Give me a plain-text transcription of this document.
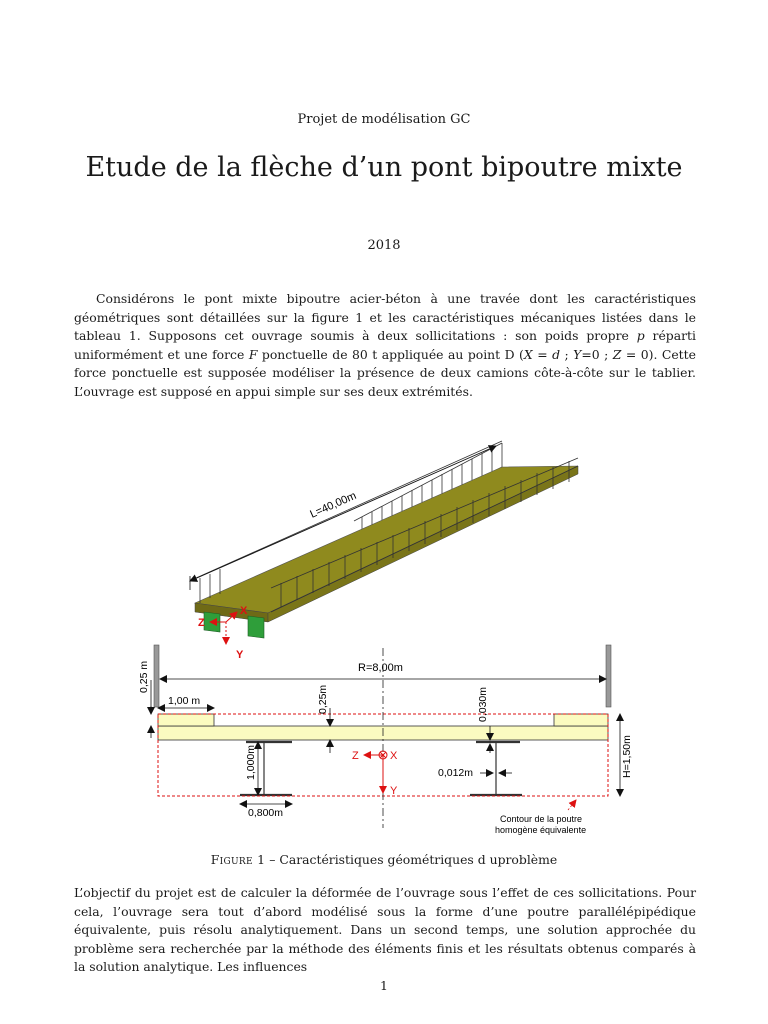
Projet de modélisation GC
Etude de la flèche d’un pont bipoutre mixte
2018

Considérons le pont mixte bipoutre acier-béton à une travée dont les caractéristiques géométriques sont détaillées sur la figure 1 et les caractéristiques mécaniques listées dans le tableau 1. Supposons cet ouvrage soumis à deux sollicitations : son poids propre p réparti uniformément et une force F ponctuelle de 80 t appliquée au point D (X = d ; Y=0 ; Z = 0). Cette force ponctuelle est supposée modéliser la présence de deux camions côte-à-côte sur le tablier. L’ouvrage est supposé en appui simple sur ses deux extrémités.

L=40,00m
Z
X
Y
R=8,00m
Z	X
Y
0,25 m
1,00 m	0,25m	0,030m
1,000m	0,012m
0,800m
H=1,50m
Contour de la poutre
homogène équivalente
Figure 1 – Caractéristiques géométriques d uproblème

L’objectif du projet est de calculer la déformée de l’ouvrage sous l’effet de ces sollicitations. Pour cela, l’ouvrage sera tout d’abord modélisé sous la forme d’une poutre parallélépipédique équivalente, puis résolu analytiquement. Dans un second temps, une solution approchée du problème sera recherchée par la méthode des éléments finis et les résultats obtenus comparés à la solution analytique. Les influences

1
